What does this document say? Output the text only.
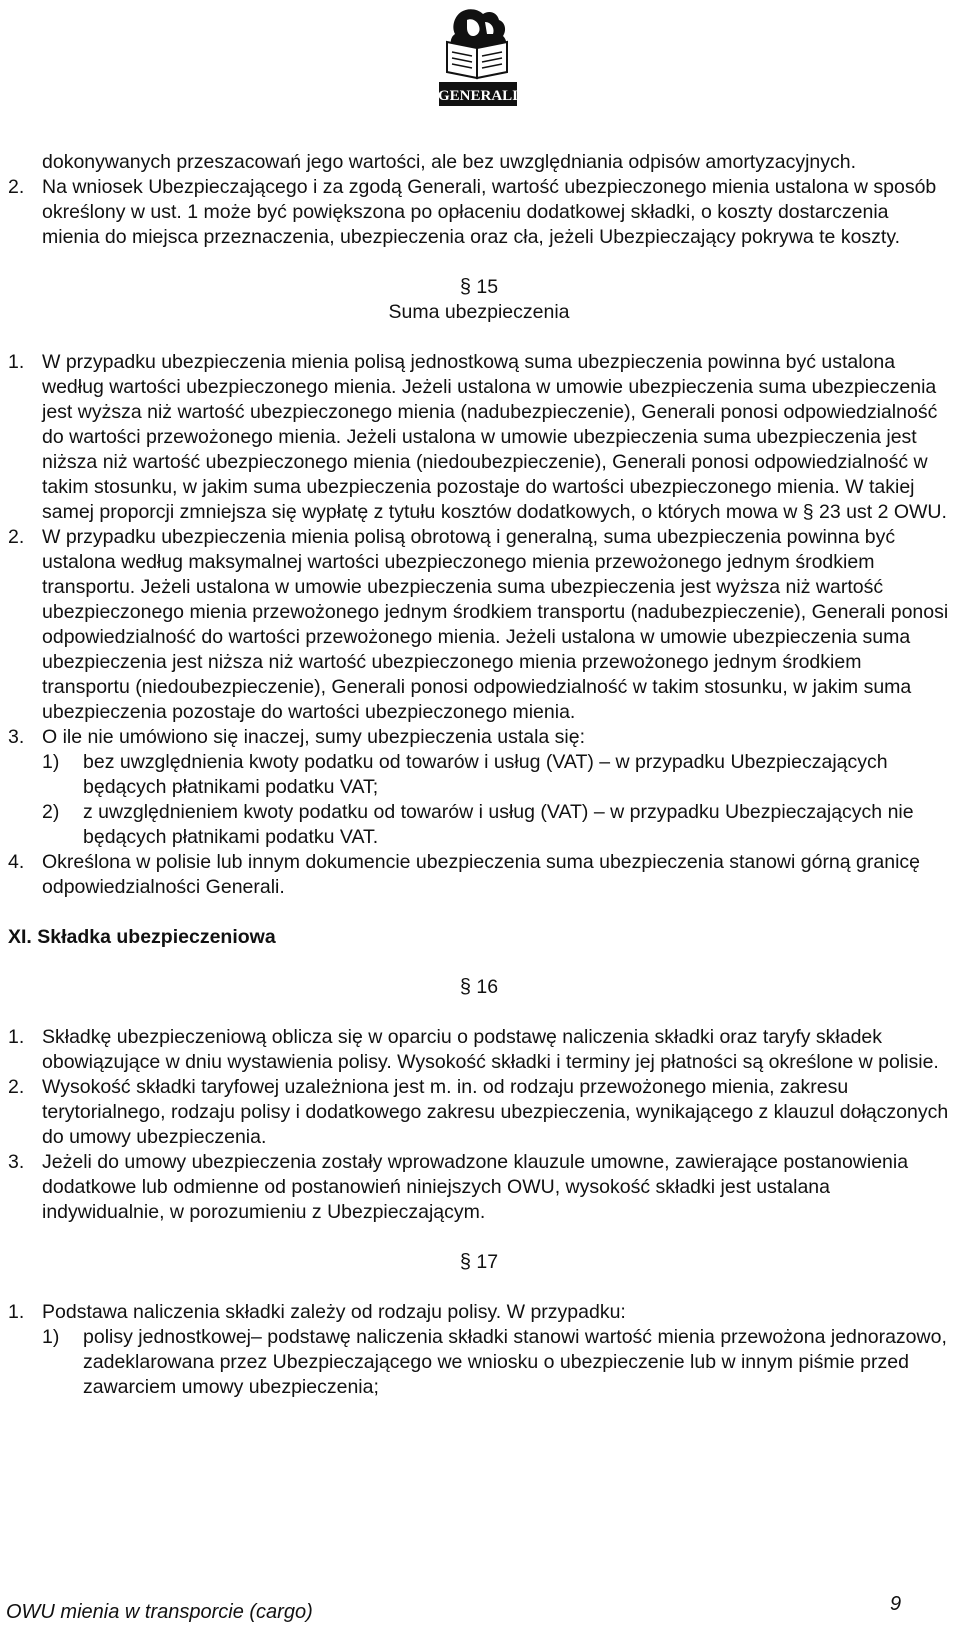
GENERALI

dokonywanych przeszacowań jego wartości, ale bez uwzględniania odpisów amortyzacyjnych.

2. Na wniosek Ubezpieczającego i za zgodą Generali, wartość ubezpieczonego mienia ustalona w sposób określony w ust. 1 może być powiększona po opłaceniu dodatkowej składki, o koszty dostarczenia mienia do miejsca przeznaczenia, ubezpieczenia oraz cła, jeżeli Ubezpieczający pokrywa te koszty.

§ 15

Suma ubezpieczenia

1. W przypadku ubezpieczenia mienia polisą jednostkową suma ubezpieczenia powinna być ustalona według wartości ubezpieczonego mienia. Jeżeli ustalona w umowie ubezpieczenia suma ubezpieczenia jest wyższa niż wartość ubezpieczonego mienia (nadubezpieczenie), Generali ponosi odpowiedzialność do wartości przewożonego mienia. Jeżeli ustalona w umowie ubezpieczenia suma ubezpieczenia jest niższa niż wartość ubezpieczonego mienia (niedoubezpieczenie), Generali ponosi odpowiedzialność w takim stosunku, w jakim suma ubezpieczenia pozostaje do wartości ubezpieczonego mienia. W takiej samej proporcji zmniejsza się wypłatę z tytułu kosztów dodatkowych, o których mowa w § 23 ust 2 OWU.
2. W przypadku ubezpieczenia mienia polisą obrotową i generalną, suma ubezpieczenia powinna być ustalona według maksymalnej wartości ubezpieczonego mienia przewożonego jednym środkiem transportu. Jeżeli ustalona w umowie ubezpieczenia suma ubezpieczenia jest wyższa niż wartość ubezpieczonego mienia przewożonego jednym środkiem transportu (nadubezpieczenie), Generali ponosi odpowiedzialność do wartości przewożonego mienia. Jeżeli ustalona w umowie ubezpieczenia suma ubezpieczenia jest niższa niż wartość ubezpieczonego mienia przewożonego jednym środkiem transportu (niedoubezpieczenie), Generali ponosi odpowiedzialność w takim stosunku, w jakim suma ubezpieczenia pozostaje do wartości ubezpieczonego mienia.
3. O ile nie umówiono się inaczej, sumy ubezpieczenia ustala się:
1) bez uwzględnienia kwoty podatku od towarów i usług (VAT) – w przypadku Ubezpieczających będących płatnikami podatku VAT;
2) z uwzględnieniem kwoty podatku od towarów i usług (VAT) – w przypadku Ubezpieczających nie będących płatnikami podatku VAT.
4. Określona w polisie lub innym dokumencie ubezpieczenia suma ubezpieczenia stanowi górną granicę odpowiedzialności Generali.

XI. Składka ubezpieczeniowa

§ 16

1. Składkę ubezpieczeniową oblicza się w oparciu o podstawę naliczenia składki oraz taryfy składek obowiązujące w dniu wystawienia polisy. Wysokość składki i terminy jej płatności są określone w polisie.
2. Wysokość składki taryfowej uzależniona jest m. in. od rodzaju przewożonego mienia, zakresu terytorialnego, rodzaju polisy i dodatkowego zakresu ubezpieczenia, wynikającego z klauzul dołączonych do umowy ubezpieczenia.
3. Jeżeli do umowy ubezpieczenia zostały wprowadzone klauzule umowne, zawierające postanowienia dodatkowe lub odmienne od postanowień niniejszych OWU, wysokość składki jest ustalana indywidualnie, w porozumieniu z Ubezpieczającym.

§ 17

1. Podstawa naliczenia składki zależy od rodzaju polisy. W przypadku:
1) polisy jednostkowej– podstawę naliczenia składki stanowi wartość mienia przewożona jednorazowo, zadeklarowana przez Ubezpieczającego we wniosku o ubezpieczenie lub w innym piśmie przed zawarciem umowy ubezpieczenia;
OWU mienia w transporcie (cargo)	9
